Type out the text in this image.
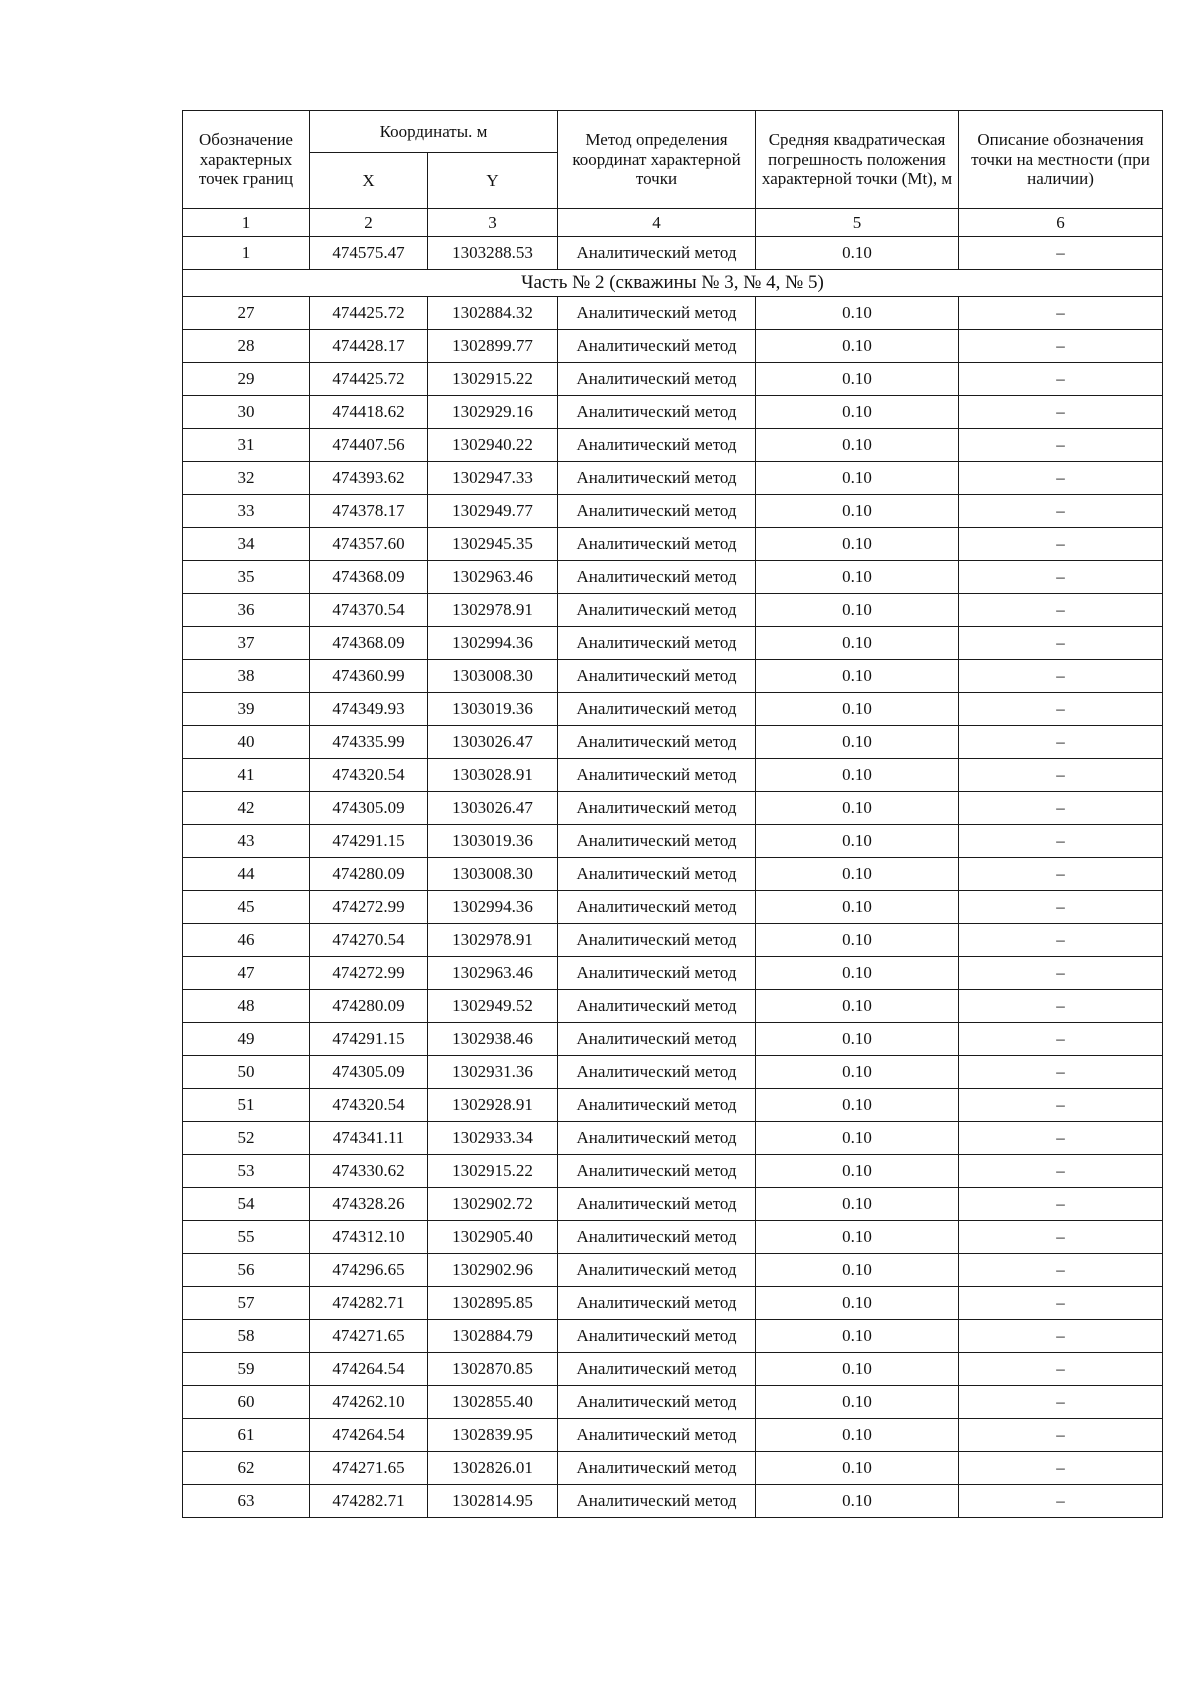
Обозначение характерных точек границ	Координаты. м		Метод определения координат характерной точки	Средняя квадратическая погрешность положения характерной точки (Mt), м	Описание обозначения точки на местности (при наличии)
	X	Y			
1	2	3	4	5	6
1	474575.47	1303288.53	Аналитический метод	0.10	–
Часть № 2 (скважины № 3, № 4, № 5)					
27	474425.72	1302884.32	Аналитический метод	0.10	–
28	474428.17	1302899.77	Аналитический метод	0.10	–
29	474425.72	1302915.22	Аналитический метод	0.10	–
30	474418.62	1302929.16	Аналитический метод	0.10	–
31	474407.56	1302940.22	Аналитический метод	0.10	–
32	474393.62	1302947.33	Аналитический метод	0.10	–
33	474378.17	1302949.77	Аналитический метод	0.10	–
34	474357.60	1302945.35	Аналитический метод	0.10	–
35	474368.09	1302963.46	Аналитический метод	0.10	–
36	474370.54	1302978.91	Аналитический метод	0.10	–
37	474368.09	1302994.36	Аналитический метод	0.10	–
38	474360.99	1303008.30	Аналитический метод	0.10	–
39	474349.93	1303019.36	Аналитический метод	0.10	–
40	474335.99	1303026.47	Аналитический метод	0.10	–
41	474320.54	1303028.91	Аналитический метод	0.10	–
42	474305.09	1303026.47	Аналитический метод	0.10	–
43	474291.15	1303019.36	Аналитический метод	0.10	–
44	474280.09	1303008.30	Аналитический метод	0.10	–
45	474272.99	1302994.36	Аналитический метод	0.10	–
46	474270.54	1302978.91	Аналитический метод	0.10	–
47	474272.99	1302963.46	Аналитический метод	0.10	–
48	474280.09	1302949.52	Аналитический метод	0.10	–
49	474291.15	1302938.46	Аналитический метод	0.10	–
50	474305.09	1302931.36	Аналитический метод	0.10	–
51	474320.54	1302928.91	Аналитический метод	0.10	–
52	474341.11	1302933.34	Аналитический метод	0.10	–
53	474330.62	1302915.22	Аналитический метод	0.10	–
54	474328.26	1302902.72	Аналитический метод	0.10	–
55	474312.10	1302905.40	Аналитический метод	0.10	–
56	474296.65	1302902.96	Аналитический метод	0.10	–
57	474282.71	1302895.85	Аналитический метод	0.10	–
58	474271.65	1302884.79	Аналитический метод	0.10	–
59	474264.54	1302870.85	Аналитический метод	0.10	–
60	474262.10	1302855.40	Аналитический метод	0.10	–
61	474264.54	1302839.95	Аналитический метод	0.10	–
62	474271.65	1302826.01	Аналитический метод	0.10	–
63	474282.71	1302814.95	Аналитический метод	0.10	–
